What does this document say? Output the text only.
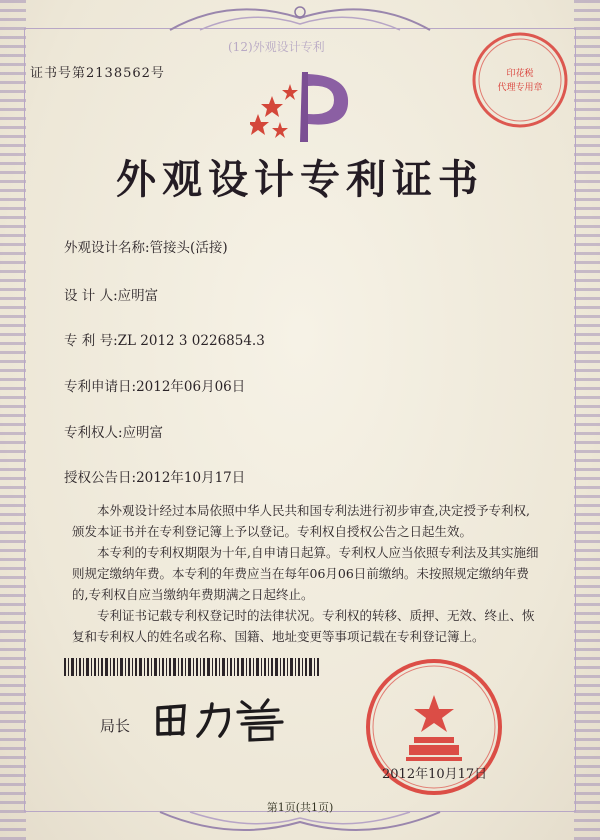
证书号第2138562号
(12)外观设计专利
外观设计专利证书
外观设计名称:管接头(活接)
设 计 人:应明富
专 利 号:ZL 2012 3 0226854.3
专利申请日:2012年06月06日
专利权人:应明富
授权公告日:2012年10月17日

本外观设计经过本局依照中华人民共和国专利法进行初步审查,决定授予专利权,颁发本证书并在专利登记簿上予以登记。专利权自授权公告之日起生效。

本专利的专利权期限为十年,自申请日起算。专利权人应当依照专利法及其实施细则规定缴纳年费。本专利的年费应当在每年06月06日前缴纳。未按照规定缴纳年费的,专利权自应当缴纳年费期满之日起终止。

专利证书记载专利权登记时的法律状况。专利权的转移、质押、无效、终止、恢复和专利权人的姓名或名称、国籍、地址变更等事项记载在专利登记簿上。

局长
2012年10月17日
印花税
代理专用章
第1页(共1页)
